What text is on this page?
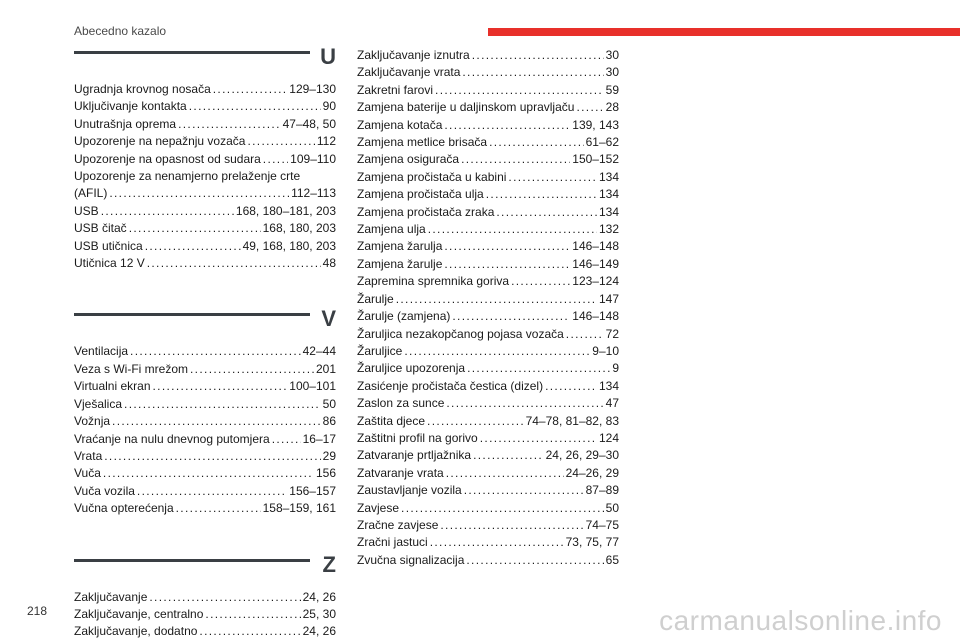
Abecedno kazalo
U
Ugradnja krovnog nosača . . .	129–130
Uključivanje kontakta . . .	90
Unutrašnja oprema . . .	47–48, 50
Upozorenje na nepažnju vozača . . .	112
Upozorenje na opasnost od sudara . . . 109–110
Upozorenje za nenamjerno prelaženje crte
(AFIL) . . .	112–113
USB . . .	168, 180–181, 203
USB čitač . . .	168, 180, 203
USB utičnica . . .	49, 168, 180, 203
Utičnica 12 V . . .	48
V
Ventilacija . . .	42–44
Veza s Wi-Fi mrežom . . .	201
Virtualni ekran . . .	100–101
Vješalica . . .	50
Vožnja . . .	86
Vraćanje na nulu dnevnog putomjera . . .	16–17
Vrata . . .	29
Vuča . . .	156
Vuča vozila . . .	156–157
Vučna opterećenja . . .	158–159, 161
Z
Zaključavanje . . .	24, 26
Zaključavanje, centralno . . .	25, 30
Zaključavanje, dodatno . . .	24, 26
Zaključavanje iznutra . . .	30
Zaključavanje vrata . . .	30
Zakretni farovi . . .	59
Zamjena baterije u daljinskom upravljaču . . .	28
Zamjena kotača . . .	139, 143
Zamjena metlice brisača . . .	61–62
Zamjena osigurača . . .	150–152
Zamjena pročistača u kabini . . .	134
Zamjena pročistača ulja . . .	134
Zamjena pročistača zraka . . .	134
Zamjena ulja . . .	132
Zamjena žarulja . . .	146–148
Zamjena žarulje . . .	146–149
Zapremina spremnika goriva . . .	123–124
Žarulje . . .	147
Žarulje (zamjena) . . .	146–148
Žaruljica nezakopčanog pojasa vozača . . .	72
Žaruljice . . .	9–10
Žaruljice upozorenja . . .	9
Zasićenje pročistača čestica (dizel) . . .	134
Zaslon za sunce . . .	47
Zaštita djece . . .	74–78, 81–82, 83
Zaštitni profil na gorivo . . .	124
Zatvaranje prtljažnika . . .	24, 26, 29–30
Zatvaranje vrata . . .	24–26, 29
Zaustavljanje vozila . . .	87–89
Zavjese . . .	50
Zračne zavjese . . .	74–75
Zračni jastuci . . .	73, 75, 77
Zvučna signalizacija . . .	65
218	carmanualsonline.info
